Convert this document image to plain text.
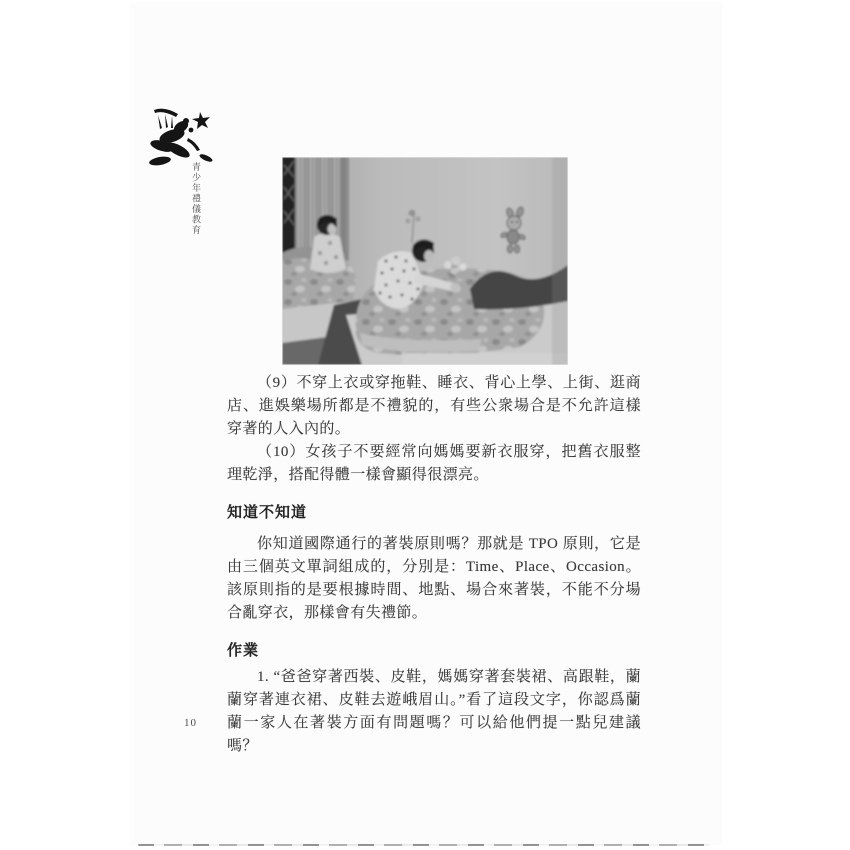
青少年禮儀教育

（9）不穿上衣或穿拖鞋、睡衣、背心上學、上街、逛商店、進娛樂場所都是不禮貌的，有些公衆場合是不允許這樣穿著的人入內的。

（10）女孩子不要經常向媽媽要新衣服穿，把舊衣服整理乾淨，搭配得體一樣會顯得很漂亮。

知道不知道

你知道國際通行的著裝原則嗎？那就是 TPO 原則，它是由三個英文單詞組成的，分別是：Time、Place、Occasion。該原則指的是要根據時間、地點、場合來著裝，不能不分場合亂穿衣，那樣會有失禮節。

作業

1. “爸爸穿著西裝、皮鞋，媽媽穿著套裝裙、高跟鞋，蘭蘭穿著連衣裙、皮鞋去遊峨眉山。”看了這段文字，你認爲蘭蘭一家人在著裝方面有問題嗎？可以給他們提一點兒建議嗎？

10
